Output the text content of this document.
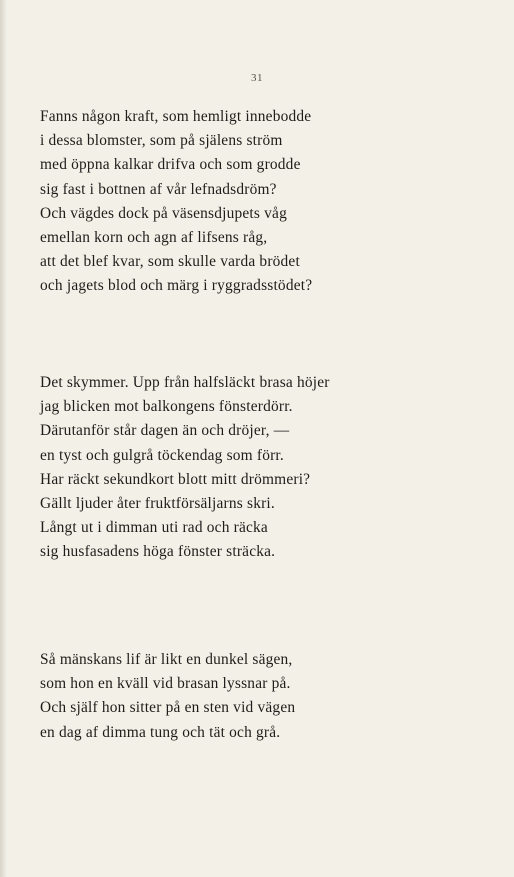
31
Fanns någon kraft, som hemligt innebodde
i dessa blomster, som på själens ström
med öppna kalkar drifva och som grodde
sig fast i bottnen af vår lefnadsdröm?
Och vägdes dock på väsensdjupets våg
emellan korn och agn af lifsens råg,
att det blef kvar, som skulle varda brödet
och jagets blod och märg i ryggradsstödet?
Det skymmer. Upp från halfsläckt brasa höjer
jag blicken mot balkongens fönsterdörr.
Därutanför står dagen än och dröjer, —
en tyst och gulgrå töckendag som förr.
Har räckt sekundkort blott mitt drömmeri?
Gällt ljuder åter fruktförsäljarns skri.
Långt ut i dimman uti rad och räcka
sig husfasadens höga fönster sträcka.
Så mänskans lif är likt en dunkel sägen,
som hon en kväll vid brasan lyssnar på.
Och själf hon sitter på en sten vid vägen
en dag af dimma tung och tät och grå.
